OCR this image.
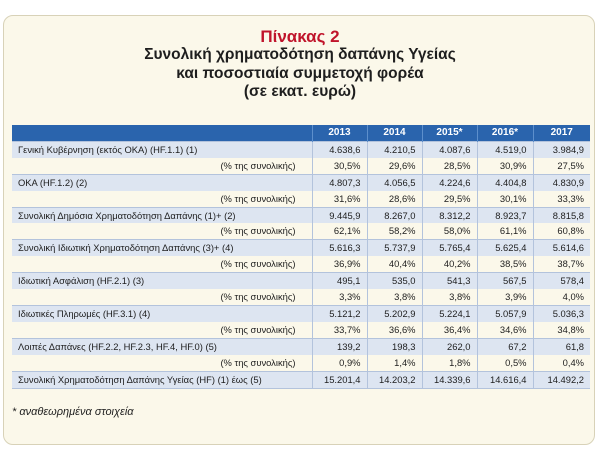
Πίνακας 2
Συνολική χρηματοδότηση δαπάνης Υγείας
και ποσοστιαία συμμετοχή φορέα
(σε εκατ. ευρώ)
	2013	2014	2015*	2016*	2017
Γενική Κυβέρνηση (εκτός ΟΚΑ) (HF.1.1) (1)	4.638,6	4.210,5	4.087,6	4.519,0	3.984,9
(% της συνολικής)	30,5%	29,6%	28,5%	30,9%	27,5%
ΟΚΑ (HF.1.2) (2)	4.807,3	4.056,5	4.224,6	4.404,8	4.830,9
(% της συνολικής)	31,6%	28,6%	29,5%	30,1%	33,3%
Συνολική Δημόσια Χρηματοδότηση Δαπάνης (1)+ (2)	9.445,9	8.267,0	8.312,2	8.923,7	8.815,8
(% της συνολικής)	62,1%	58,2%	58,0%	61,1%	60,8%
Συνολική Ιδιωτική Χρηματοδότηση Δαπάνης (3)+ (4)	5.616,3	5.737,9	5.765,4	5.625,4	5.614,6
(% της συνολικής)	36,9%	40,4%	40,2%	38,5%	38,7%
Ιδιωτική Ασφάλιση (HF.2.1) (3)	495,1	535,0	541,3	567,5	578,4
(% της συνολικής)	3,3%	3,8%	3,8%	3,9%	4,0%
Ιδιωτικές Πληρωμές (HF.3.1) (4)	5.121,2	5.202,9	5.224,1	5.057,9	5.036,3
(% της συνολικής)	33,7%	36,6%	36,4%	34,6%	34,8%
Λοιπές Δαπάνες (HF.2.2, HF.2.3, HF.4, HF.0) (5)	139,2	198,3	262,0	67,2	61,8
(% της συνολικής)	0,9%	1,4%	1,8%	0,5%	0,4%
Συνολική Χρηματοδότηση Δαπάνης Υγείας (HF) (1) έως (5)	15.201,4	14.203,2	14.339,6	14.616,4	14.492,2
* αναθεωρημένα στοιχεία
